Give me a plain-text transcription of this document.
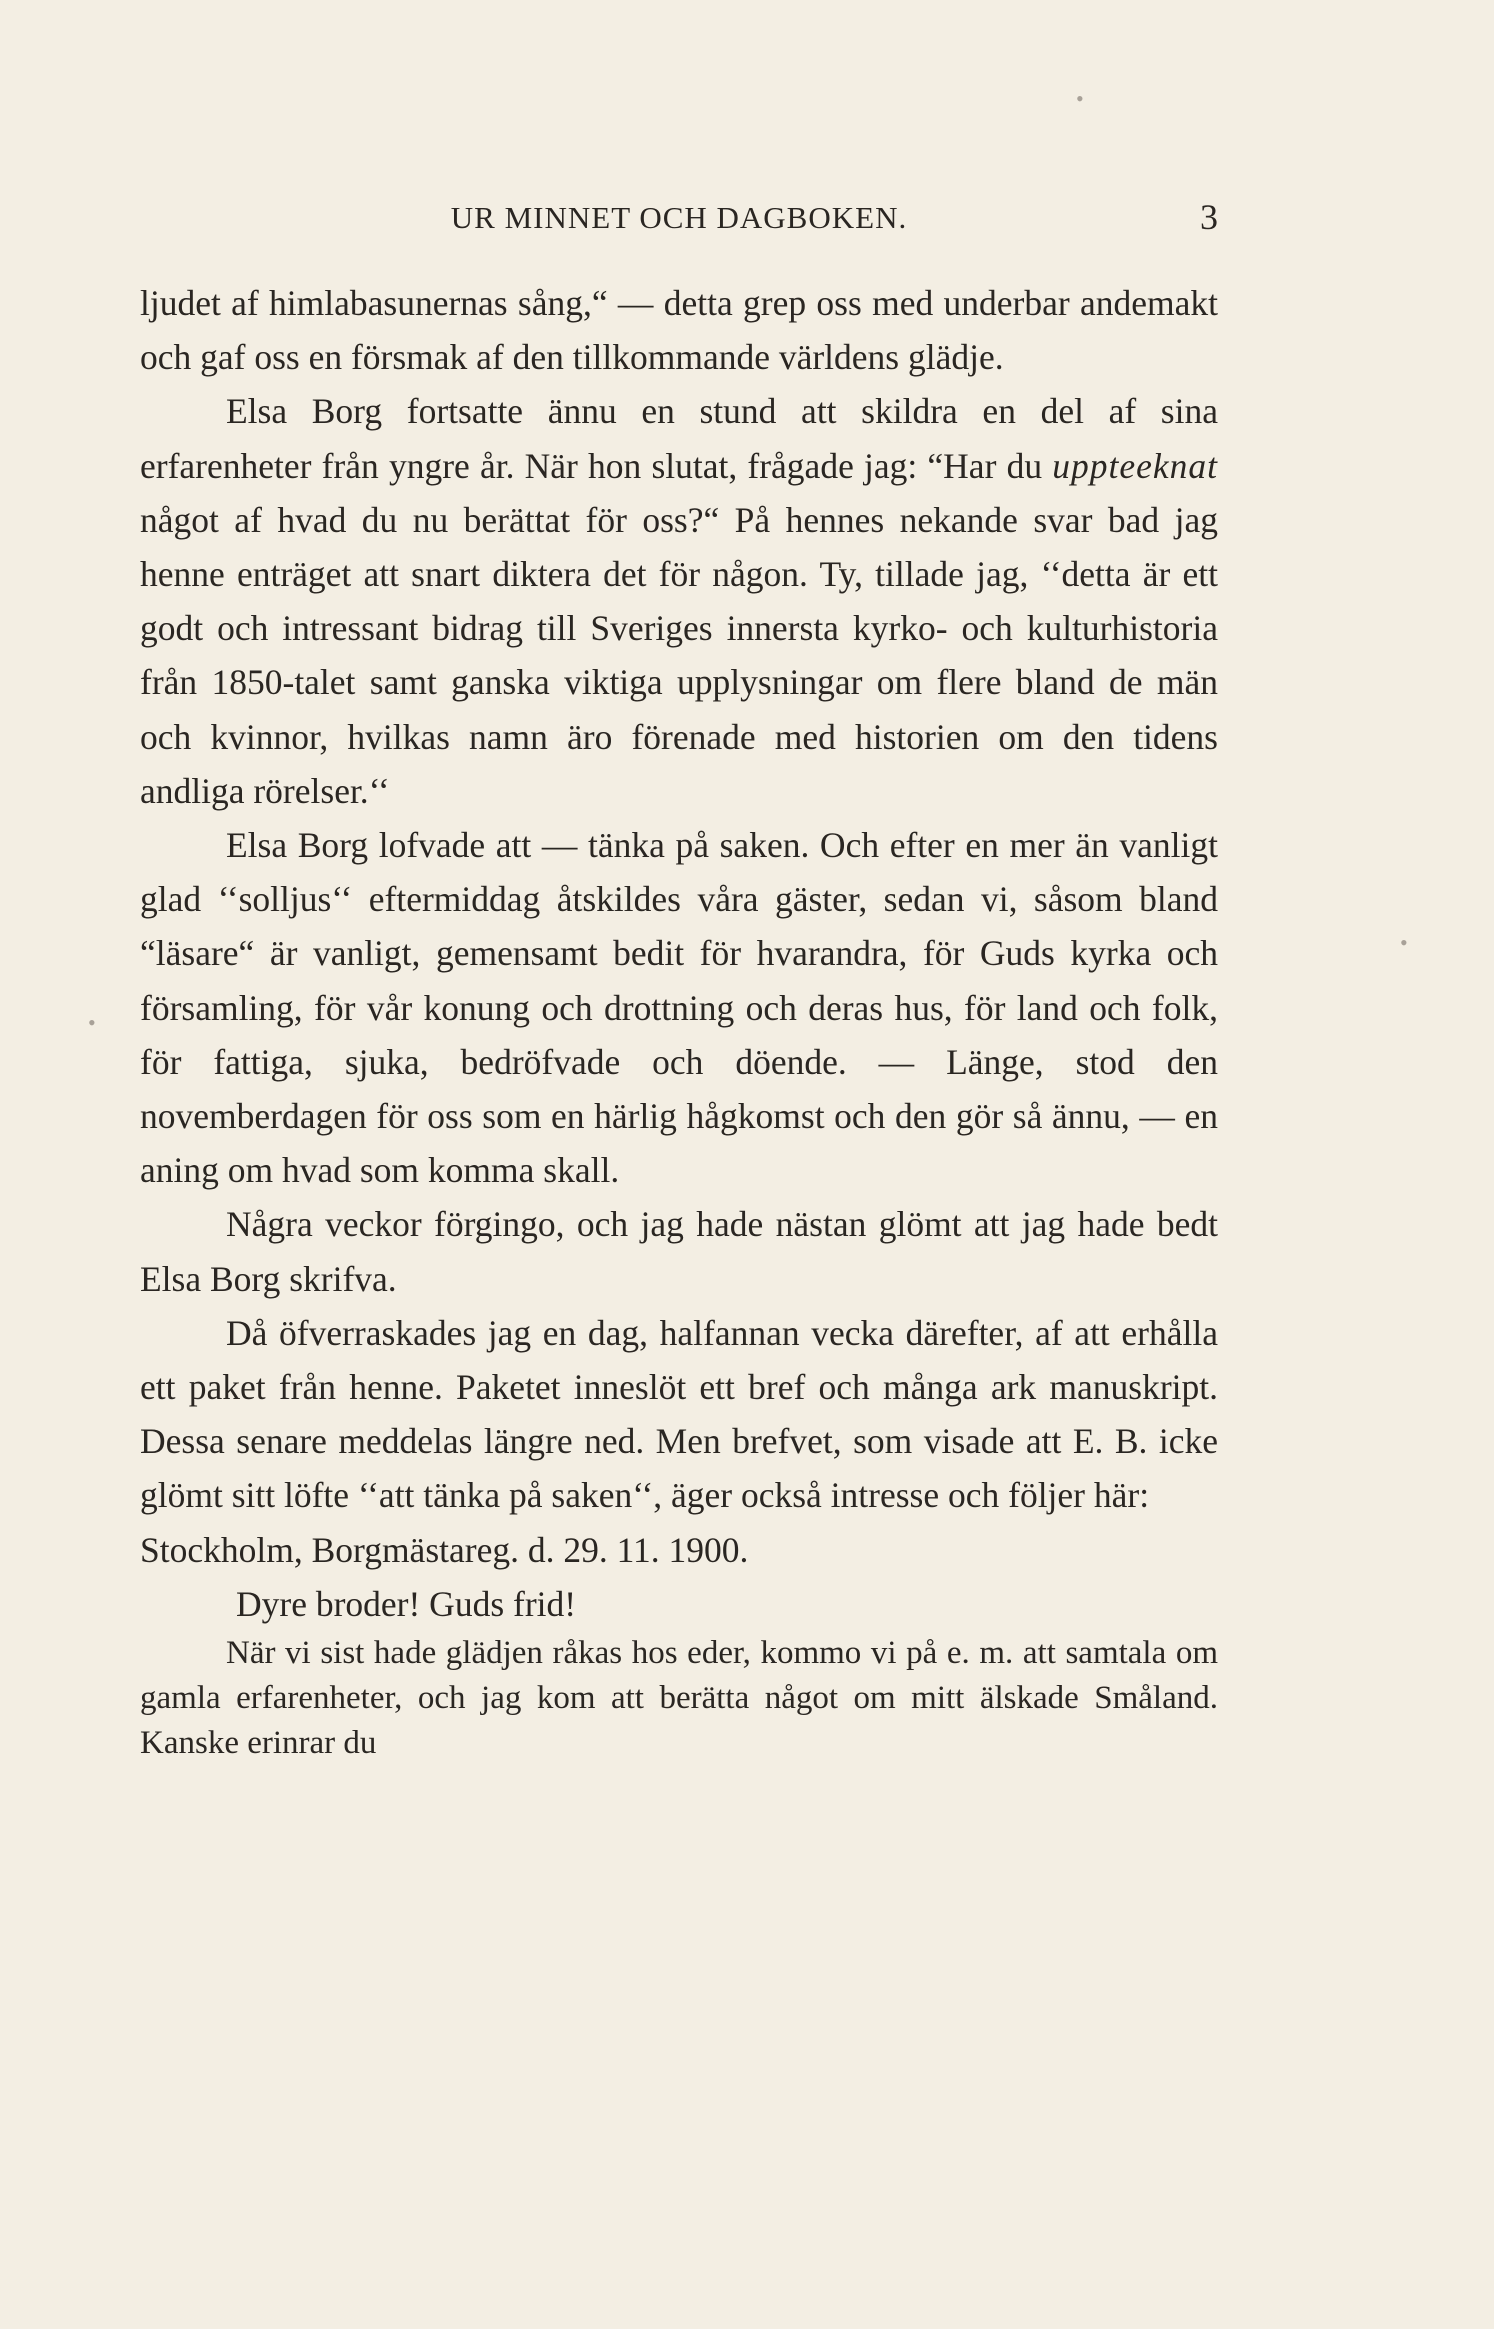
UR MINNET OCH DAGBOKEN.	3

ljudet af himlabasunernas sång,“ — detta grep oss med underbar andemakt och gaf oss en försmak af den tillkommande världens glädje.

Elsa Borg fortsatte ännu en stund att skildra en del af sina erfarenheter från yngre år. När hon slutat, frågade jag: “Har du uppteeknat något af hvad du nu berättat för oss?“ På hennes nekande svar bad jag henne enträget att snart diktera det för någon. Ty, tillade jag, ‘‘detta är ett godt och intressant bidrag till Sveriges innersta kyrko- och kulturhistoria från 1850-talet samt ganska viktiga upplysningar om flere bland de män och kvinnor, hvilkas namn äro förenade med historien om den tidens andliga rörelser.‘‘

Elsa Borg lofvade att — tänka på saken. Och efter en mer än vanligt glad ‘‘solljus‘‘ eftermiddag åtskildes våra gäster, sedan vi, såsom bland “läsare“ är vanligt, gemensamt bedit för hvarandra, för Guds kyrka och församling, för vår konung och drottning och deras hus, för land och folk, för fattiga, sjuka, bedröfvade och döende. — Länge, stod den novemberdagen för oss som en härlig hågkomst och den gör så ännu, — en aning om hvad som komma skall.

Några veckor förgingo, och jag hade nästan glömt att jag hade bedt Elsa Borg skrifva.

Då öfverraskades jag en dag, halfannan vecka därefter, af att erhålla ett paket från henne. Paketet inneslöt ett bref och många ark manuskript. Dessa senare meddelas längre ned. Men brefvet, som visade att E. B. icke glömt sitt löfte ‘‘att tänka på saken‘‘, äger också intresse och följer här:

Stockholm, Borgmästareg. d. 29. 11. 1900.

Dyre broder! Guds frid!

När vi sist hade glädjen råkas hos eder, kommo vi på e. m. att samtala om gamla erfarenheter, och jag kom att berätta något om mitt älskade Småland. Kanske erinrar du

•
•
•
